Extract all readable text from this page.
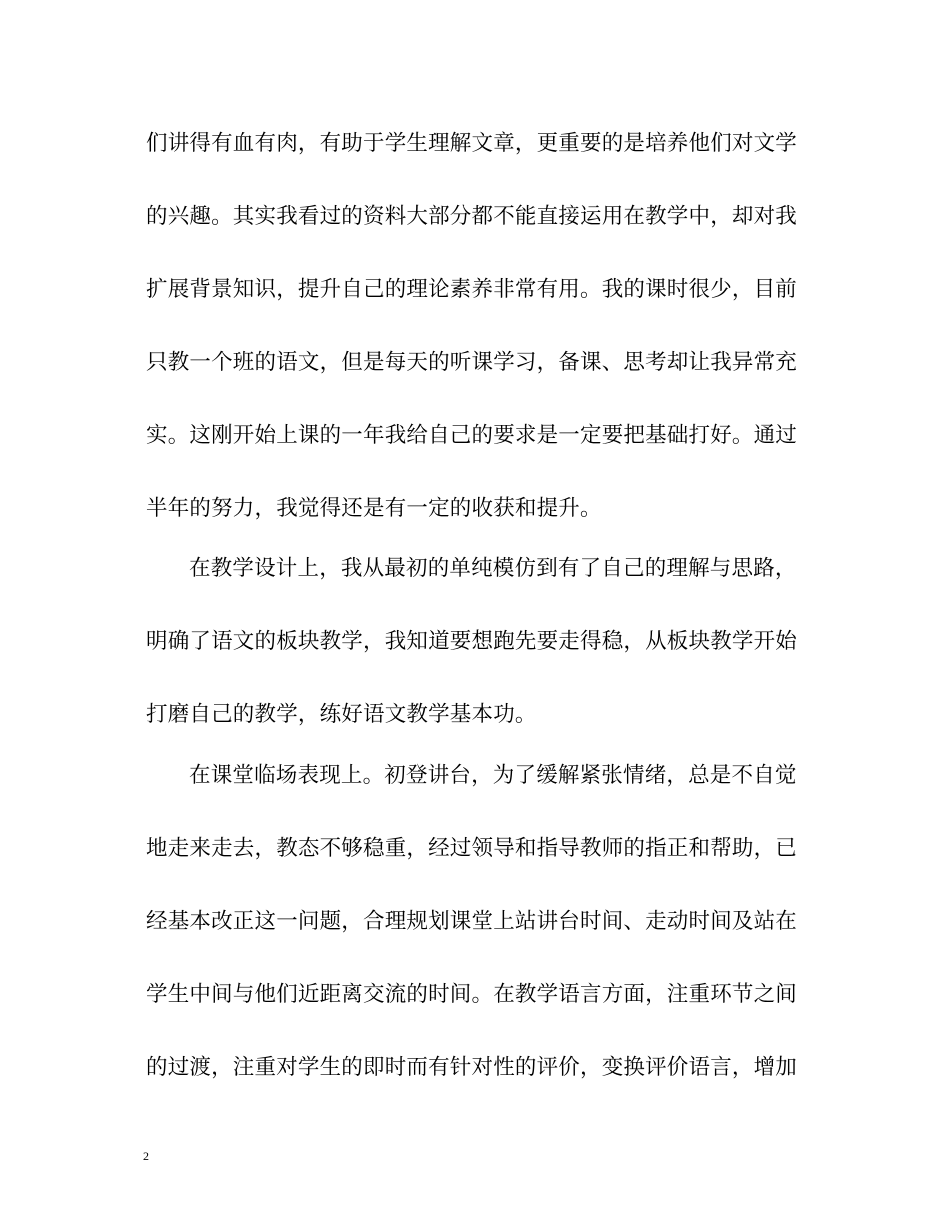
们讲得有血有肉，有助于学生理解文章，更重要的是培养他们对文学
的兴趣。其实我看过的资料大部分都不能直接运用在教学中，却对我
扩展背景知识，提升自己的理论素养非常有用。我的课时很少，目前
只教一个班的语文，但是每天的听课学习，备课、思考却让我异常充
实。这刚开始上课的一年我给自己的要求是一定要把基础打好。通过
半年的努力，我觉得还是有一定的收获和提升。
在教学设计上，我从最初的单纯模仿到有了自己的理解与思路，
明确了语文的板块教学，我知道要想跑先要走得稳，从板块教学开始
打磨自己的教学，练好语文教学基本功。
在课堂临场表现上。初登讲台，为了缓解紧张情绪，总是不自觉
地走来走去，教态不够稳重，经过领导和指导教师的指正和帮助，已
经基本改正这一问题，合理规划课堂上站讲台时间、走动时间及站在
学生中间与他们近距离交流的时间。在教学语言方面，注重环节之间
的过渡，注重对学生的即时而有针对性的评价，变换评价语言，增加
2
